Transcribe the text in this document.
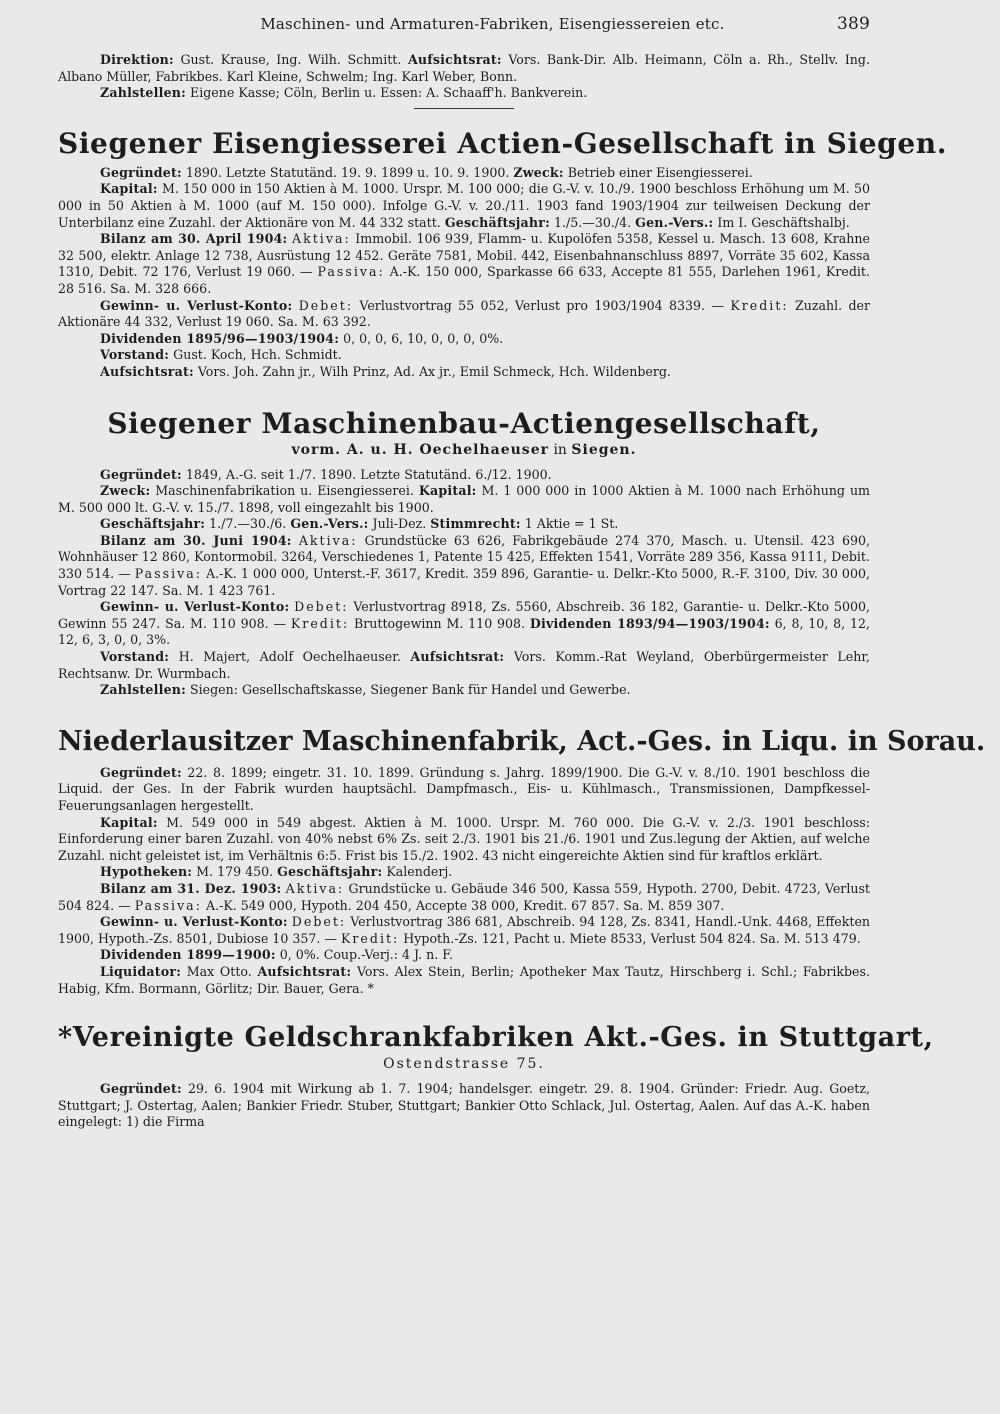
Maschinen- und Armaturen-Fabriken, Eisengiessereien etc.	389

Direktion: Gust. Krause, Ing. Wilh. Schmitt. Aufsichtsrat: Vors. Bank-Dir. Alb. Heimann, Cöln a. Rh., Stellv. Ing. Albano Müller, Fabrikbes. Karl Kleine, Schwelm; Ing. Karl Weber, Bonn.

Zahlstellen: Eigene Kasse; Cöln, Berlin u. Essen: A. Schaaff'h. Bankverein.

Siegener Eisengiesserei Actien-Gesellschaft in Siegen.

Gegründet: 1890. Letzte Statutänd. 19. 9. 1899 u. 10. 9. 1900. Zweck: Betrieb einer Eisengiesserei.

Kapital: M. 150 000 in 150 Aktien à M. 1000. Urspr. M. 100 000; die G.-V. v. 10./9. 1900 beschloss Erhöhung um M. 50 000 in 50 Aktien à M. 1000 (auf M. 150 000). Infolge G.-V. v. 20./11. 1903 fand 1903/1904 zur teilweisen Deckung der Unterbilanz eine Zuzahl. der Aktionäre von M. 44 332 statt. Geschäftsjahr: 1./5.—30./4. Gen.-Vers.: Im I. Geschäftshalbj.

Bilanz am 30. April 1904: Aktiva: Immobil. 106 939, Flamm- u. Kupolöfen 5358, Kessel u. Masch. 13 608, Krahne 32 500, elektr. Anlage 12 738, Ausrüstung 12 452. Geräte 7581, Mobil. 442, Eisenbahnanschluss 8897, Vorräte 35 602, Kassa 1310, Debit. 72 176, Verlust 19 060. — Passiva: A.-K. 150 000, Sparkasse 66 633, Accepte 81 555, Darlehen 1961, Kredit. 28 516. Sa. M. 328 666.

Gewinn- u. Verlust-Konto: Debet: Verlustvortrag 55 052, Verlust pro 1903/1904 8339. — Kredit: Zuzahl. der Aktionäre 44 332, Verlust 19 060. Sa. M. 63 392.

Dividenden 1895/96—1903/1904: 0, 0, 0, 6, 10, 0, 0, 0, 0%.

Vorstand: Gust. Koch, Hch. Schmidt.

Aufsichtsrat: Vors. Joh. Zahn jr., Wilh Prinz, Ad. Ax jr., Emil Schmeck, Hch. Wildenberg.

Siegener Maschinenbau-Actiengesellschaft,

vorm. A. u. H. Oechelhaeuser in Siegen.

Gegründet: 1849, A.-G. seit 1./7. 1890. Letzte Statutänd. 6./12. 1900.

Zweck: Maschinenfabrikation u. Eisengiesserei. Kapital: M. 1 000 000 in 1000 Aktien à M. 1000 nach Erhöhung um M. 500 000 lt. G.-V. v. 15./7. 1898, voll eingezahlt bis 1900.

Geschäftsjahr: 1./7.—30./6. Gen.-Vers.: Juli-Dez. Stimmrecht: 1 Aktie = 1 St.

Bilanz am 30. Juni 1904: Aktiva: Grundstücke 63 626, Fabrikgebäude 274 370, Masch. u. Utensil. 423 690, Wohnhäuser 12 860, Kontormobil. 3264, Verschiedenes 1, Patente 15 425, Effekten 1541, Vorräte 289 356, Kassa 9111, Debit. 330 514. — Passiva: A.-K. 1 000 000, Unterst.-F. 3617, Kredit. 359 896, Garantie- u. Delkr.-Kto 5000, R.-F. 3100, Div. 30 000, Vortrag 22 147. Sa. M. 1 423 761.

Gewinn- u. Verlust-Konto: Debet: Verlustvortrag 8918, Zs. 5560, Abschreib. 36 182, Garantie- u. Delkr.-Kto 5000, Gewinn 55 247. Sa. M. 110 908. — Kredit: Bruttogewinn M. 110 908. Dividenden 1893/94—1903/1904: 6, 8, 10, 8, 12, 12, 6, 3, 0, 0, 3%.

Vorstand: H. Majert, Adolf Oechelhaeuser. Aufsichtsrat: Vors. Komm.-Rat Weyland, Oberbürgermeister Lehr, Rechtsanw. Dr. Wurmbach.

Zahlstellen: Siegen: Gesellschaftskasse, Siegener Bank für Handel und Gewerbe.

Niederlausitzer Maschinenfabrik, Act.-Ges. in Liqu. in Sorau.

Gegründet: 22. 8. 1899; eingetr. 31. 10. 1899. Gründung s. Jahrg. 1899/1900. Die G.-V. v. 8./10. 1901 beschloss die Liquid. der Ges. In der Fabrik wurden hauptsächl. Dampfmasch., Eis- u. Kühlmasch., Transmissionen, Dampfkessel-Feuerungsanlagen hergestellt.

Kapital: M. 549 000 in 549 abgest. Aktien à M. 1000. Urspr. M. 760 000. Die G.-V. v. 2./3. 1901 beschloss: Einforderung einer baren Zuzahl. von 40% nebst 6% Zs. seit 2./3. 1901 bis 21./6. 1901 und Zus.legung der Aktien, auf welche Zuzahl. nicht geleistet ist, im Verhältnis 6:5. Frist bis 15./2. 1902. 43 nicht eingereichte Aktien sind für kraftlos erklärt.

Hypotheken: M. 179 450. Geschäftsjahr: Kalenderj.

Bilanz am 31. Dez. 1903: Aktiva: Grundstücke u. Gebäude 346 500, Kassa 559, Hypoth. 2700, Debit. 4723, Verlust 504 824. — Passiva: A.-K. 549 000, Hypoth. 204 450, Accepte 38 000, Kredit. 67 857. Sa. M. 859 307.

Gewinn- u. Verlust-Konto: Debet: Verlustvortrag 386 681, Abschreib. 94 128, Zs. 8341, Handl.-Unk. 4468, Effekten 1900, Hypoth.-Zs. 8501, Dubiose 10 357. — Kredit: Hypoth.-Zs. 121, Pacht u. Miete 8533, Verlust 504 824. Sa. M. 513 479.

Dividenden 1899—1900: 0, 0%. Coup.-Verj.: 4 J. n. F.

Liquidator: Max Otto. Aufsichtsrat: Vors. Alex Stein, Berlin; Apotheker Max Tautz, Hirschberg i. Schl.; Fabrikbes. Habig, Kfm. Bormann, Görlitz; Dir. Bauer, Gera. *

*Vereinigte Geldschrankfabriken Akt.-Ges. in Stuttgart,

Ostendstrasse 75.

Gegründet: 29. 6. 1904 mit Wirkung ab 1. 7. 1904; handelsger. eingetr. 29. 8. 1904. Gründer: Friedr. Aug. Goetz, Stuttgart; J. Ostertag, Aalen; Bankier Friedr. Stuber, Stuttgart; Bankier Otto Schlack, Jul. Ostertag, Aalen. Auf das A.-K. haben eingelegt: 1) die Firma
